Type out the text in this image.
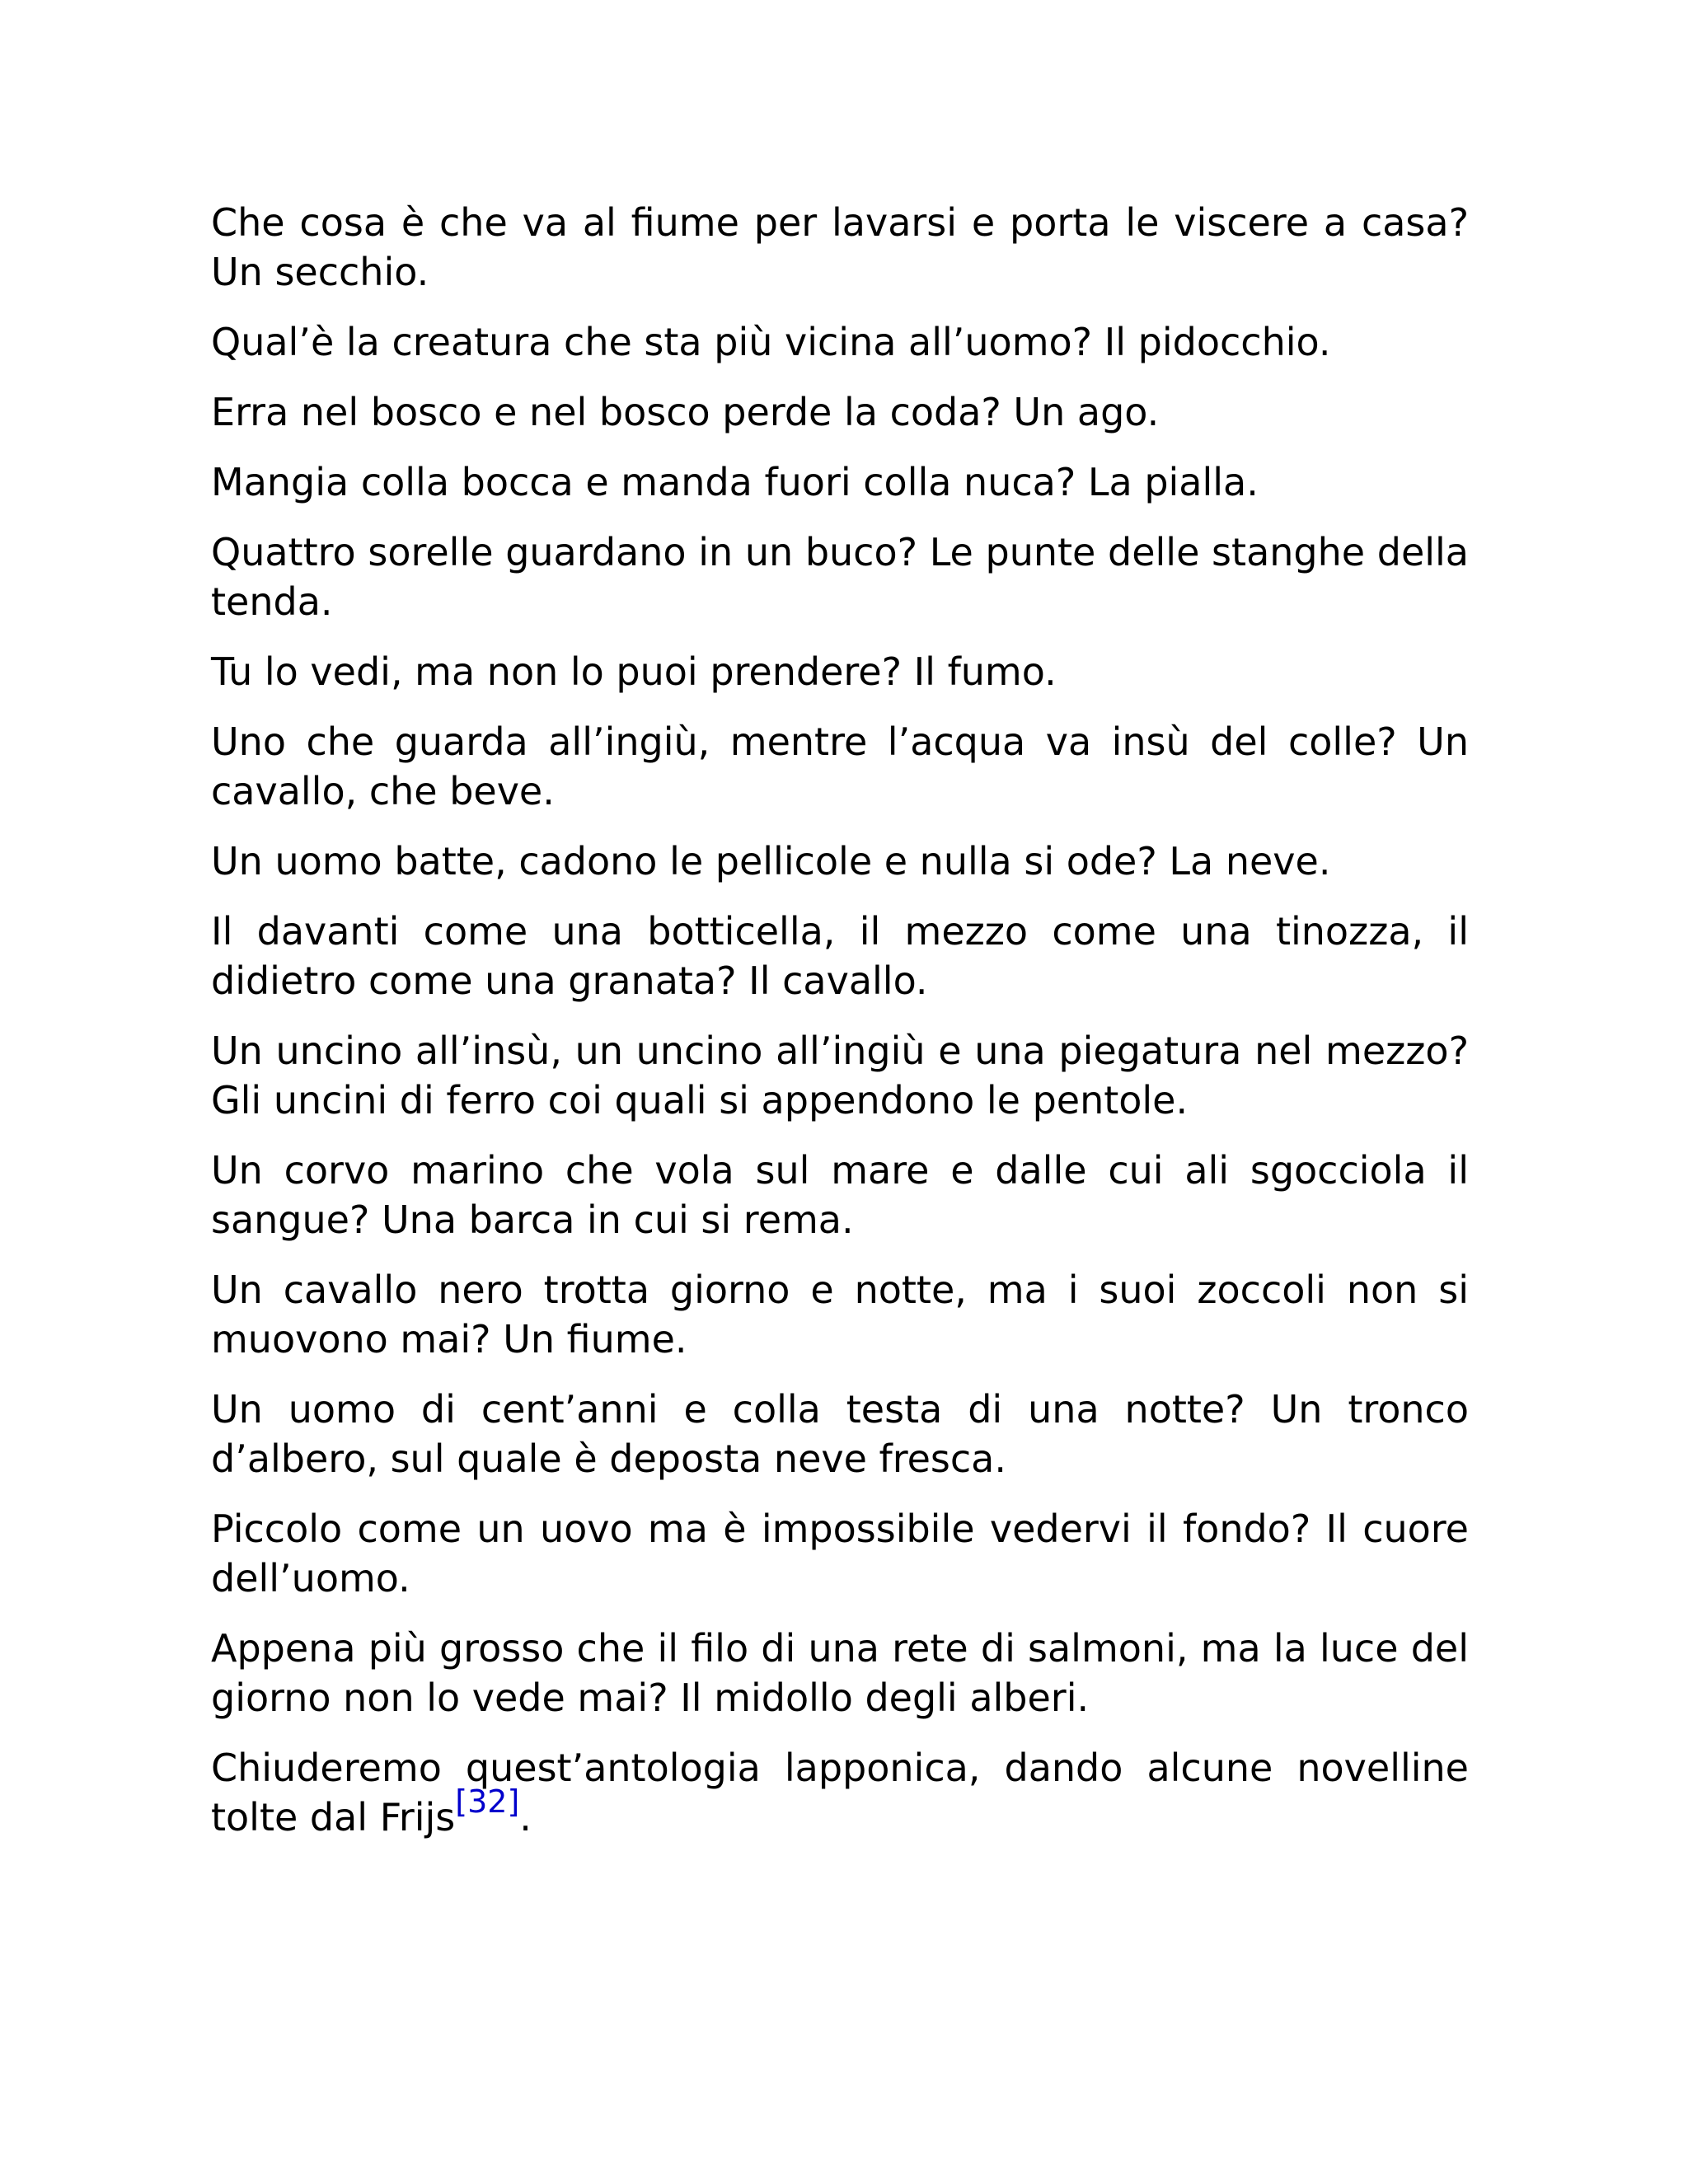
Che cosa è che va al fiume per lavarsi e porta le viscere a casa? Un secchio.

Qual’è la creatura che sta più vicina all’uomo? Il pidocchio.

Erra nel bosco e nel bosco perde la coda? Un ago.

Mangia colla bocca e manda fuori colla nuca? La pialla.

Quattro sorelle guardano in un buco? Le punte delle stanghe della tenda.

Tu lo vedi, ma non lo puoi prendere? Il fumo.

Uno che guarda all’ingiù, mentre l’acqua va insù del colle? Un cavallo, che beve.

Un uomo batte, cadono le pellicole e nulla si ode? La neve.

Il davanti come una botticella, il mezzo come una tinozza, il didietro come una granata? Il cavallo.

Un uncino all’insù, un uncino all’ingiù e una piegatura nel mezzo? Gli uncini di ferro coi quali si appendono le pentole.

Un corvo marino che vola sul mare e dalle cui ali sgocciola il sangue? Una barca in cui si rema.

Un cavallo nero trotta giorno e notte, ma i suoi zoccoli non si muovono mai? Un fiume.

Un uomo di cent’anni e colla testa di una notte? Un tronco d’albero, sul quale è deposta neve fresca.

Piccolo come un uovo ma è impossibile vedervi il fondo? Il cuore dell’uomo.

Appena più grosso che il filo di una rete di salmoni, ma la luce del giorno non lo vede mai? Il midollo degli alberi.

Chiuderemo quest’antologia lapponica, dando alcune novelline tolte dal Frijs[32].
